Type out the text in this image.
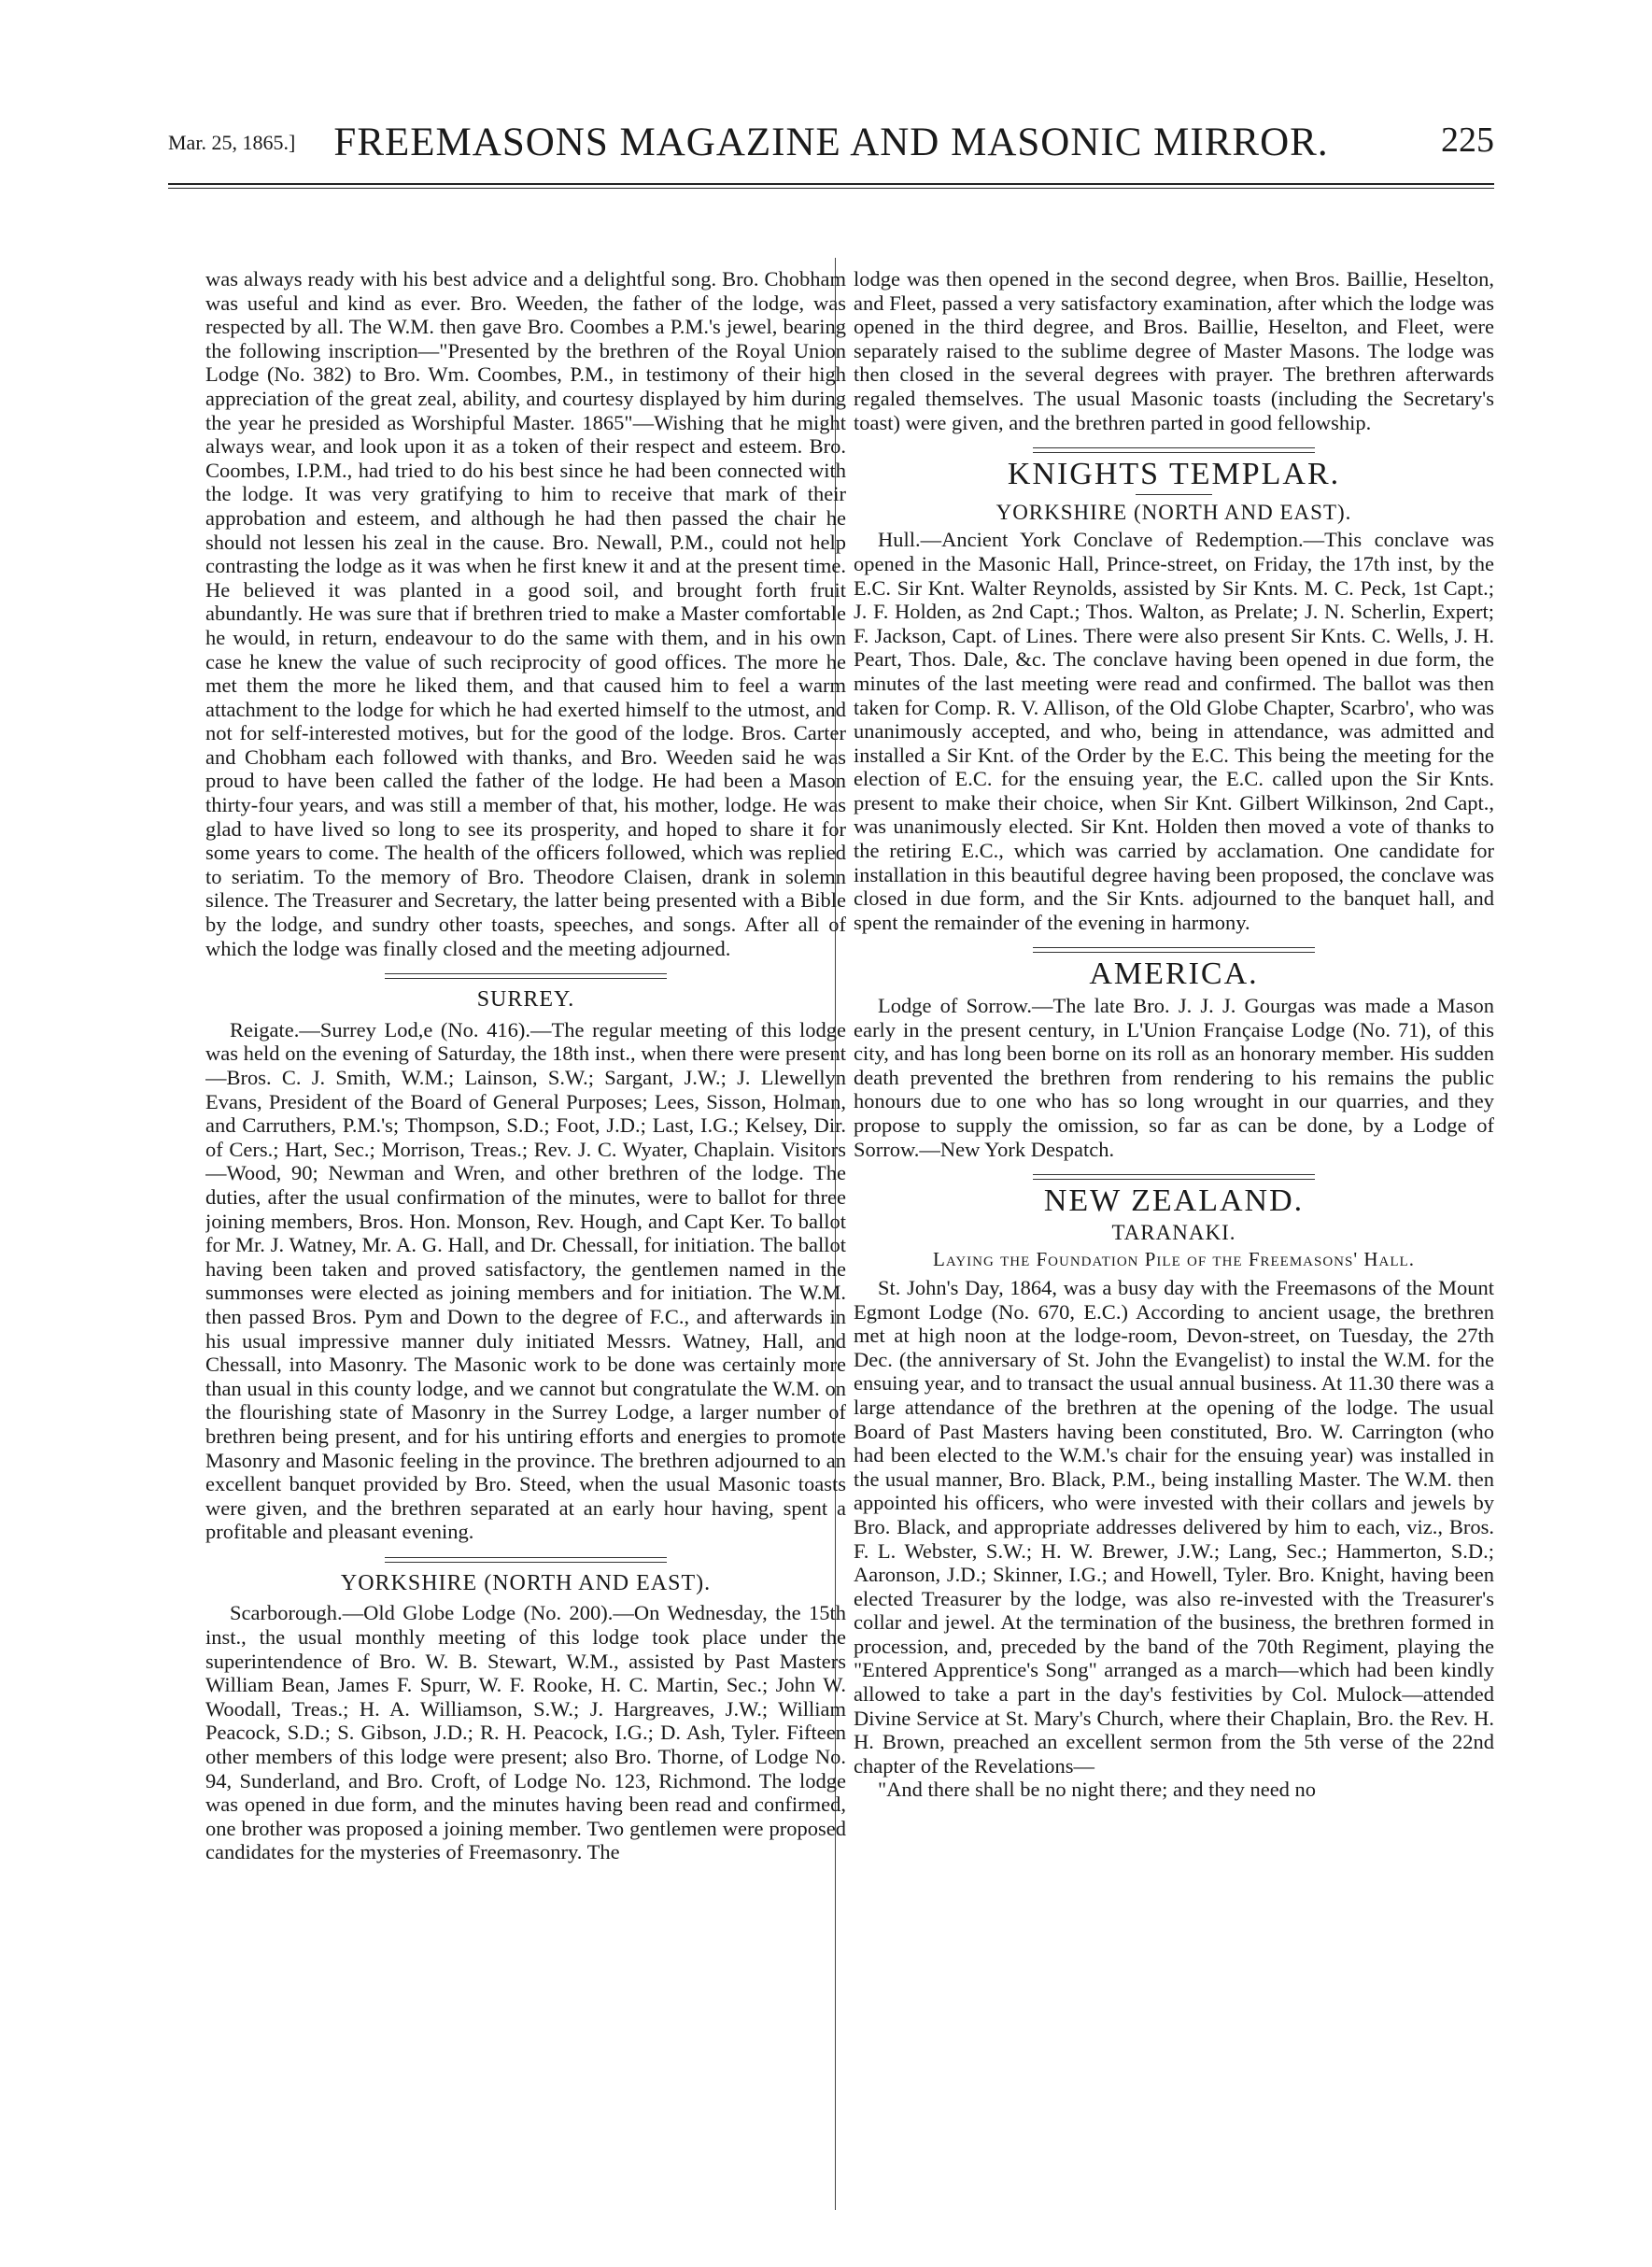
Mar. 25, 1865.] FREEMASONS MAGAZINE AND MASONIC MIRROR.	225

was always ready with his best advice and a delightful song. Bro. Chobham was useful and kind as ever. Bro. Weeden, the father of the lodge, was respected by all. The W.M. then gave Bro. Coombes a P.M.'s jewel, bearing the following inscription—"Presented by the brethren of the Royal Union Lodge (No. 382) to Bro. Wm. Coombes, P.M., in testimony of their high appreciation of the great zeal, ability, and courtesy displayed by him during the year he presided as Worshipful Master. 1865"—Wishing that he might always wear, and look upon it as a token of their respect and esteem. Bro. Coombes, I.P.M., had tried to do his best since he had been connected with the lodge. It was very gratifying to him to receive that mark of their approbation and esteem, and although he had then passed the chair he should not lessen his zeal in the cause. Bro. Newall, P.M., could not help contrasting the lodge as it was when he first knew it and at the present time. He believed it was planted in a good soil, and brought forth fruit abundantly. He was sure that if brethren tried to make a Master comfortable he would, in return, endeavour to do the same with them, and in his own case he knew the value of such reciprocity of good offices. The more he met them the more he liked them, and that caused him to feel a warm attachment to the lodge for which he had exerted himself to the utmost, and not for self-interested motives, but for the good of the lodge. Bros. Carter and Chobham each followed with thanks, and Bro. Weeden said he was proud to have been called the father of the lodge. He had been a Mason thirty-four years, and was still a member of that, his mother, lodge. He was glad to have lived so long to see its prosperity, and hoped to share it for some years to come. The health of the officers followed, which was replied to seriatim. To the memory of Bro. Theodore Claisen, drank in solemn silence. The Treasurer and Secretary, the latter being presented with a Bible by the lodge, and sundry other toasts, speeches, and songs. After all of which the lodge was finally closed and the meeting adjourned.

SURREY.

Reigate.—Surrey Lod,e (No. 416).—The regular meeting of this lodge was held on the evening of Saturday, the 18th inst., when there were present—Bros. C. J. Smith, W.M.; Lainson, S.W.; Sargant, J.W.; J. Llewellyn Evans, President of the Board of General Purposes; Lees, Sisson, Holman, and Carruthers, P.M.'s; Thompson, S.D.; Foot, J.D.; Last, I.G.; Kelsey, Dir. of Cers.; Hart, Sec.; Morrison, Treas.; Rev. J. C. Wyater, Chaplain. Visitors—Wood, 90; Newman and Wren, and other brethren of the lodge. The duties, after the usual confirmation of the minutes, were to ballot for three joining members, Bros. Hon. Monson, Rev. Hough, and Capt Ker. To ballot for Mr. J. Watney, Mr. A. G. Hall, and Dr. Chessall, for initiation. The ballot having been taken and proved satisfactory, the gentlemen named in the summonses were elected as joining members and for initiation. The W.M. then passed Bros. Pym and Down to the degree of F.C., and afterwards in his usual impressive manner duly initiated Messrs. Watney, Hall, and Chessall, into Masonry. The Masonic work to be done was certainly more than usual in this county lodge, and we cannot but congratulate the W.M. on the flourishing state of Masonry in the Surrey Lodge, a larger number of brethren being present, and for his untiring efforts and energies to promote Masonry and Masonic feeling in the province. The brethren adjourned to an excellent banquet provided by Bro. Steed, when the usual Masonic toasts were given, and the brethren separated at an early hour having, spent a profitable and pleasant evening.

YORKSHIRE (NORTH AND EAST).

Scarborough.—Old Globe Lodge (No. 200).—On Wednesday, the 15th inst., the usual monthly meeting of this lodge took place under the superintendence of Bro. W. B. Stewart, W.M., assisted by Past Masters William Bean, James F. Spurr, W. F. Rooke, H. C. Martin, Sec.; John W. Woodall, Treas.; H. A. Williamson, S.W.; J. Hargreaves, J.W.; William Peacock, S.D.; S. Gibson, J.D.; R. H. Peacock, I.G.; D. Ash, Tyler. Fifteen other members of this lodge were present; also Bro. Thorne, of Lodge No. 94, Sunderland, and Bro. Croft, of Lodge No. 123, Richmond. The lodge was opened in due form, and the minutes having been read and confirmed, one brother was proposed a joining member. Two gentlemen were proposed candidates for the mysteries of Freemasonry. The

lodge was then opened in the second degree, when Bros. Baillie, Heselton, and Fleet, passed a very satisfactory examination, after which the lodge was opened in the third degree, and Bros. Baillie, Heselton, and Fleet, were separately raised to the sublime degree of Master Masons. The lodge was then closed in the several degrees with prayer. The brethren afterwards regaled themselves. The usual Masonic toasts (including the Secretary's toast) were given, and the brethren parted in good fellowship.

KNIGHTS TEMPLAR.
YORKSHIRE (NORTH AND EAST).

Hull.—Ancient York Conclave of Redemption.—This conclave was opened in the Masonic Hall, Prince-street, on Friday, the 17th inst, by the E.C. Sir Knt. Walter Reynolds, assisted by Sir Knts. M. C. Peck, 1st Capt.; J. F. Holden, as 2nd Capt.; Thos. Walton, as Prelate; J. N. Scherlin, Expert; F. Jackson, Capt. of Lines. There were also present Sir Knts. C. Wells, J. H. Peart, Thos. Dale, &c. The conclave having been opened in due form, the minutes of the last meeting were read and confirmed. The ballot was then taken for Comp. R. V. Allison, of the Old Globe Chapter, Scarbro', who was unanimously accepted, and who, being in attendance, was admitted and installed a Sir Knt. of the Order by the E.C. This being the meeting for the election of E.C. for the ensuing year, the E.C. called upon the Sir Knts. present to make their choice, when Sir Knt. Gilbert Wilkinson, 2nd Capt., was unanimously elected. Sir Knt. Holden then moved a vote of thanks to the retiring E.C., which was carried by acclamation. One candidate for installation in this beautiful degree having been proposed, the conclave was closed in due form, and the Sir Knts. adjourned to the banquet hall, and spent the remainder of the evening in harmony.

AMERICA.

Lodge of Sorrow.—The late Bro. J. J. J. Gourgas was made a Mason early in the present century, in L'Union Française Lodge (No. 71), of this city, and has long been borne on its roll as an honorary member. His sudden death prevented the brethren from rendering to his remains the public honours due to one who has so long wrought in our quarries, and they propose to supply the omission, so far as can be done, by a Lodge of Sorrow.—New York Despatch.

NEW ZEALAND.
TARANAKI.
Laying the Foundation Pile of the Freemasons' Hall.

St. John's Day, 1864, was a busy day with the Freemasons of the Mount Egmont Lodge (No. 670, E.C.) According to ancient usage, the brethren met at high noon at the lodge-room, Devon-street, on Tuesday, the 27th Dec. (the anniversary of St. John the Evangelist) to instal the W.M. for the ensuing year, and to transact the usual annual business. At 11.30 there was a large attendance of the brethren at the opening of the lodge. The usual Board of Past Masters having been constituted, Bro. W. Carrington (who had been elected to the W.M.'s chair for the ensuing year) was installed in the usual manner, Bro. Black, P.M., being installing Master. The W.M. then appointed his officers, who were invested with their collars and jewels by Bro. Black, and appropriate addresses delivered by him to each, viz., Bros. F. L. Webster, S.W.; H. W. Brewer, J.W.; Lang, Sec.; Hammerton, S.D.; Aaronson, J.D.; Skinner, I.G.; and Howell, Tyler. Bro. Knight, having been elected Treasurer by the lodge, was also re-invested with the Treasurer's collar and jewel. At the termination of the business, the brethren formed in procession, and, preceded by the band of the 70th Regiment, playing the "Entered Apprentice's Song" arranged as a march—which had been kindly allowed to take a part in the day's festivities by Col. Mulock—attended Divine Service at St. Mary's Church, where their Chaplain, Bro. the Rev. H. H. Brown, preached an excellent sermon from the 5th verse of the 22nd chapter of the Revelations—

"And there shall be no night there; and they need no
